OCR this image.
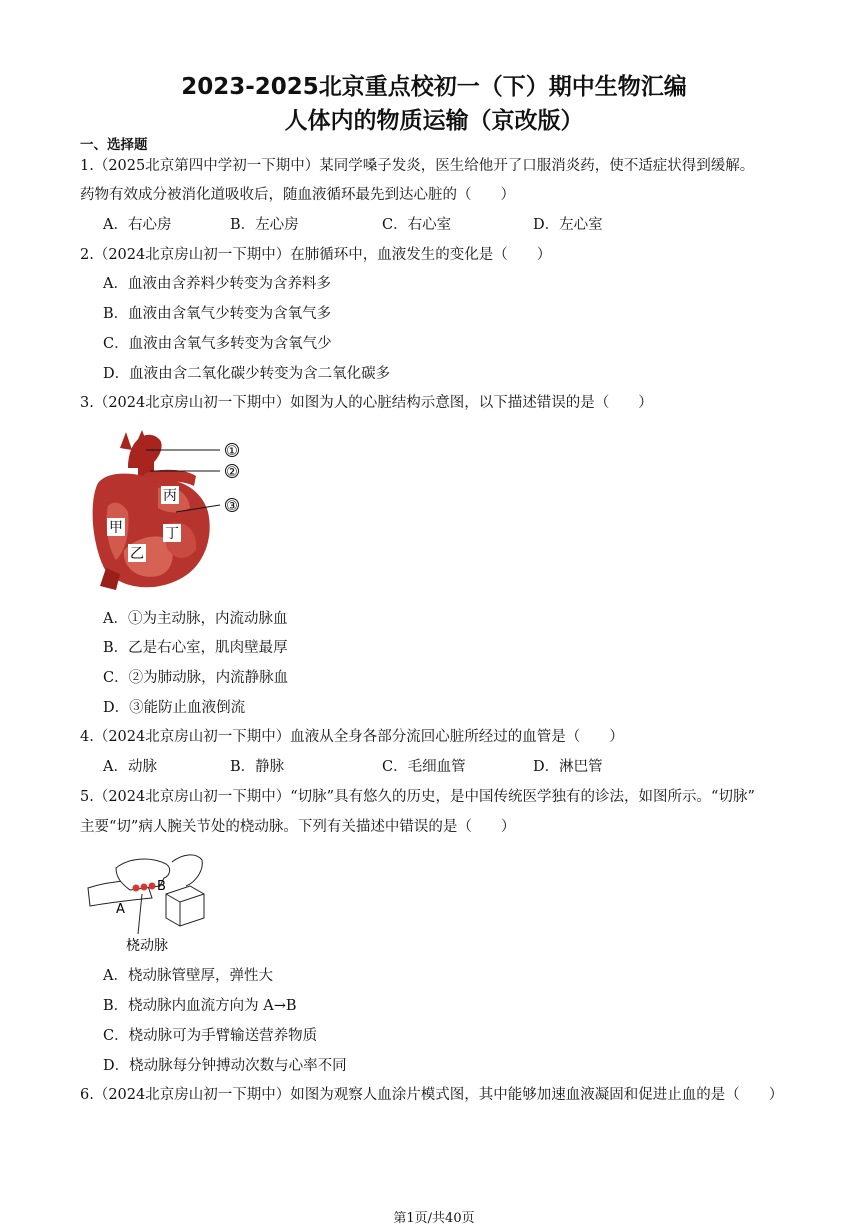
2023-2025北京重点校初一（下）期中生物汇编
人体内的物质运输（京改版）
一、选择题
1.（2025北京第四中学初一下期中）某同学嗓子发炎，医生给他开了口服消炎药，使不适症状得到缓解。
药物有效成分被消化道吸收后，随血液循环最先到达心脏的（　　）
A．右心房	B．左心房	C．右心室	D．左心室
2.（2024北京房山初一下期中）在肺循环中，血液发生的变化是（　　）
A．血液由含养料少转变为含养料多
B．血液由含氧气少转变为含氧气多
C．血液由含氧气多转变为含氧气少
D．血液由含二氧化碳少转变为含二氧化碳多
3.（2024北京房山初一下期中）如图为人的心脏结构示意图，以下描述错误的是（　　）
①
②
③
甲
乙
丙
丁
A．①为主动脉，内流动脉血
B．乙是右心室，肌肉壁最厚
C．②为肺动脉，内流静脉血
D．③能防止血液倒流
4.（2024北京房山初一下期中）血液从全身各部分流回心脏所经过的血管是（　　）
A．动脉	B．静脉	C．毛细血管	D．淋巴管
5.（2024北京房山初一下期中）“切脉”具有悠久的历史，是中国传统医学独有的诊法，如图所示。“切脉”
主要“切”病人腕关节处的桡动脉。下列有关描述中错误的是（　　）
A
B
桡动脉
A．桡动脉管壁厚，弹性大
B．桡动脉内血流方向为 A→B
C．桡动脉可为手臂输送营养物质
D．桡动脉每分钟搏动次数与心率不同
6.（2024北京房山初一下期中）如图为观察人血涂片模式图，其中能够加速血液凝固和促进止血的是（　　）
第1页/共40页
